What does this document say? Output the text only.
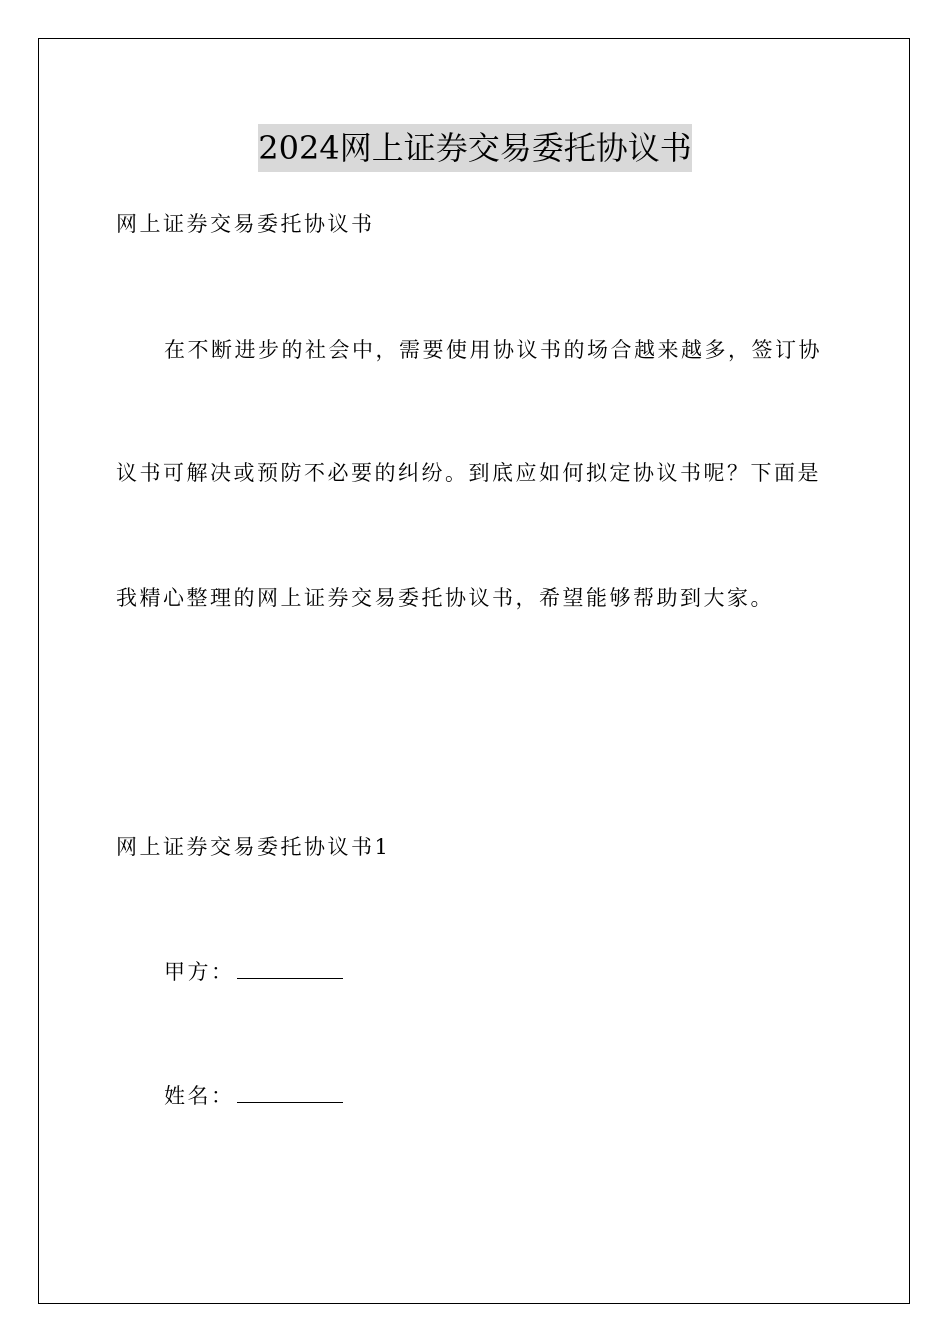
2024网上证券交易委托协议书

网上证券交易委托协议书

在不断进步的社会中，需要使用协议书的场合越来越多，签订协

议书可解决或预防不必要的纠纷。到底应如何拟定协议书呢？下面是

我精心整理的网上证券交易委托协议书，希望能够帮助到大家。

网上证券交易委托协议书1

甲方：

姓名：
